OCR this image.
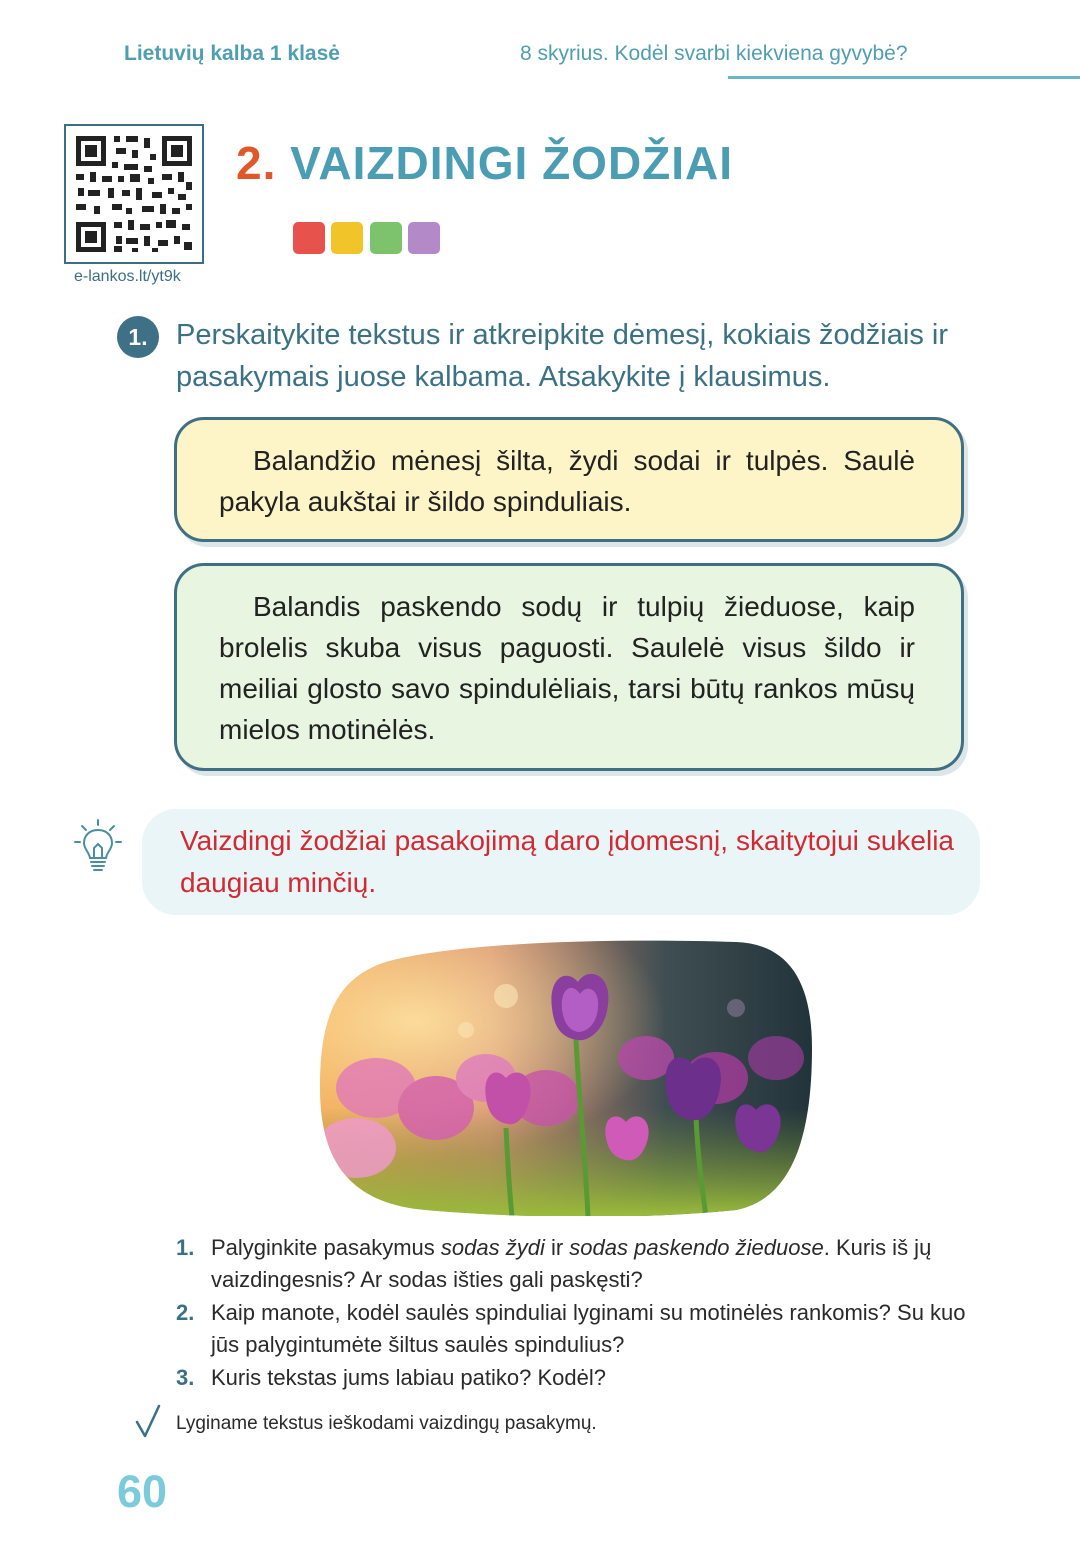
Lietuvių kalba 1 klasė	8 skyrius. Kodėl svarbi kiekviena gyvybė?
e-lankos.lt/yt9k
2. VAIZDINGI ŽODŽIAI
1. Perskaitykite tekstus ir atkreipkite dėmesį, kokiais žodžiais ir pasakymais juose kalbama. Atsakykite į klausimus.

Balandžio mėnesį šilta, žydi sodai ir tulpės. Saulė pakyla aukštai ir šildo spinduliais.

Balandis paskendo sodų ir tulpių žieduose, kaip brolelis skuba visus paguosti. Saulelė visus šildo ir meiliai glosto savo spindulėliais, tarsi būtų rankos mūsų mielos motinėlės.

Vaizdingi žodžiai pasakojimą daro įdomesnį, skaitytojui sukelia daugiau minčių.
1. Palyginkite pasakymus sodas žydi ir sodas paskendo žieduose. Kuris iš jų vaizdingesnis? Ar sodas išties gali paskęsti?
2. Kaip manote, kodėl saulės spinduliai lyginami su motinėlės rankomis? Su kuo jūs palygintumėte šiltus saulės spindulius?
3. Kuris tekstas jums labiau patiko? Kodėl?
Lyginame tekstus ieškodami vaizdingų pasakymų.
60
